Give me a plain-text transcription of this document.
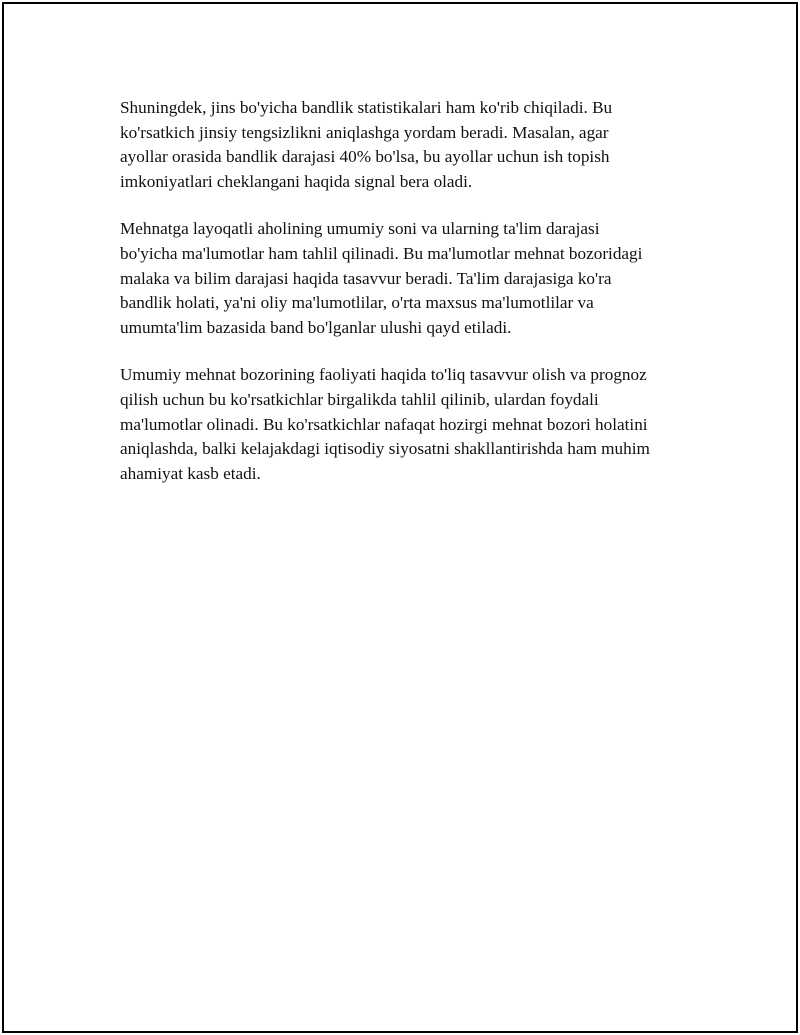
Shuningdek, jins bo'yicha bandlik statistikalari ham ko'rib chiqiladi. Bu
ko'rsatkich jinsiy tengsizlikni aniqlashga yordam beradi. Masalan, agar
ayollar orasida bandlik darajasi 40% bo'lsa, bu ayollar uchun ish topish
imkoniyatlari cheklangani haqida signal bera oladi.

Mehnatga layoqatli aholining umumiy soni va ularning ta'lim darajasi
bo'yicha ma'lumotlar ham tahlil qilinadi. Bu ma'lumotlar mehnat bozoridagi
malaka va bilim darajasi haqida tasavvur beradi. Ta'lim darajasiga ko'ra
bandlik holati, ya'ni oliy ma'lumotlilar, o'rta maxsus ma'lumotlilar va
umumta'lim bazasida band bo'lganlar ulushi qayd etiladi.

Umumiy mehnat bozorining faoliyati haqida to'liq tasavvur olish va prognoz
qilish uchun bu ko'rsatkichlar birgalikda tahlil qilinib, ulardan foydali
ma'lumotlar olinadi. Bu ko'rsatkichlar nafaqat hozirgi mehnat bozori holatini
aniqlashda, balki kelajakdagi iqtisodiy siyosatni shakllantirishda ham muhim
ahamiyat kasb etadi.
